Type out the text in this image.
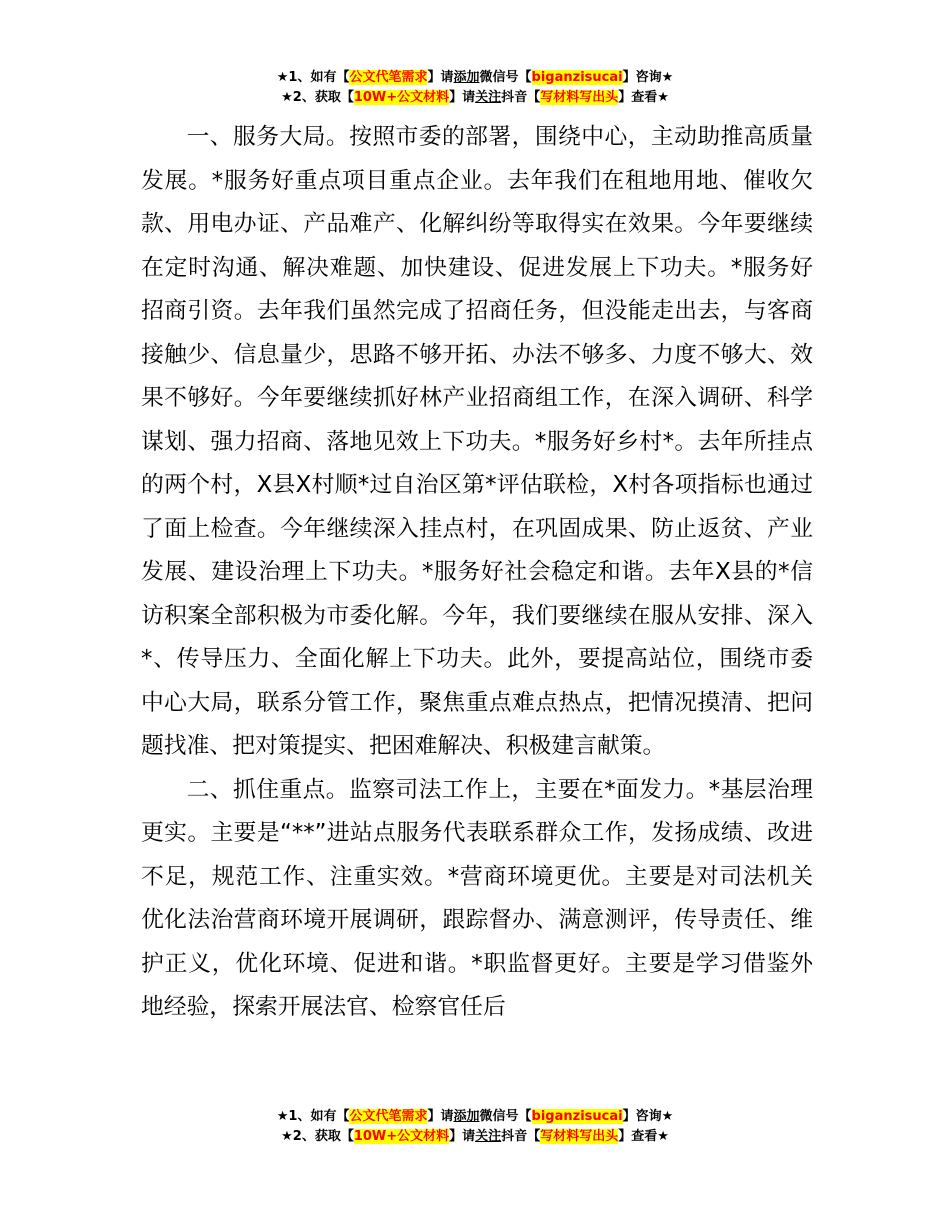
★1、如有【公文代笔需求】请添加微信号【biganzisucai】咨询★
★2、获取【10W+公文材料】请关注抖音【写材料写出头】查看★

一、服务大局。按照市委的部署，围绕中心，主动助推高质量发展。*服务好重点项目重点企业。去年我们在租地用地、催收欠款、用电办证、产品难产、化解纠纷等取得实在效果。今年要继续在定时沟通、解决难题、加快建设、促进发展上下功夫。*服务好招商引资。去年我们虽然完成了招商任务，但没能走出去，与客商接触少、信息量少，思路不够开拓、办法不够多、力度不够大、效果不够好。今年要继续抓好林产业招商组工作，在深入调研、科学谋划、强力招商、落地见效上下功夫。*服务好乡村*。去年所挂点的两个村，X县X村顺*过自治区第*评估联检，X村各项指标也通过了面上检查。今年继续深入挂点村，在巩固成果、防止返贫、产业发展、建设治理上下功夫。*服务好社会稳定和谐。去年X县的*信访积案全部积极为市委化解。今年，我们要继续在服从安排、深入*、传导压力、全面化解上下功夫。此外，要提高站位，围绕市委中心大局，联系分管工作，聚焦重点难点热点，把情况摸清、把问题找准、把对策提实、把困难解决、积极建言献策。

二、抓住重点。监察司法工作上，主要在*面发力。*基层治理更实。主要是“**”进站点服务代表联系群众工作，发扬成绩、改进不足，规范工作、注重实效。*营商环境更优。主要是对司法机关优化法治营商环境开展调研，跟踪督办、满意测评，传导责任、维护正义，优化环境、促进和谐。*职监督更好。主要是学习借鉴外地经验，探索开展法官、检察官任后

★1、如有【公文代笔需求】请添加微信号【biganzisucai】咨询★
★2、获取【10W+公文材料】请关注抖音【写材料写出头】查看★
